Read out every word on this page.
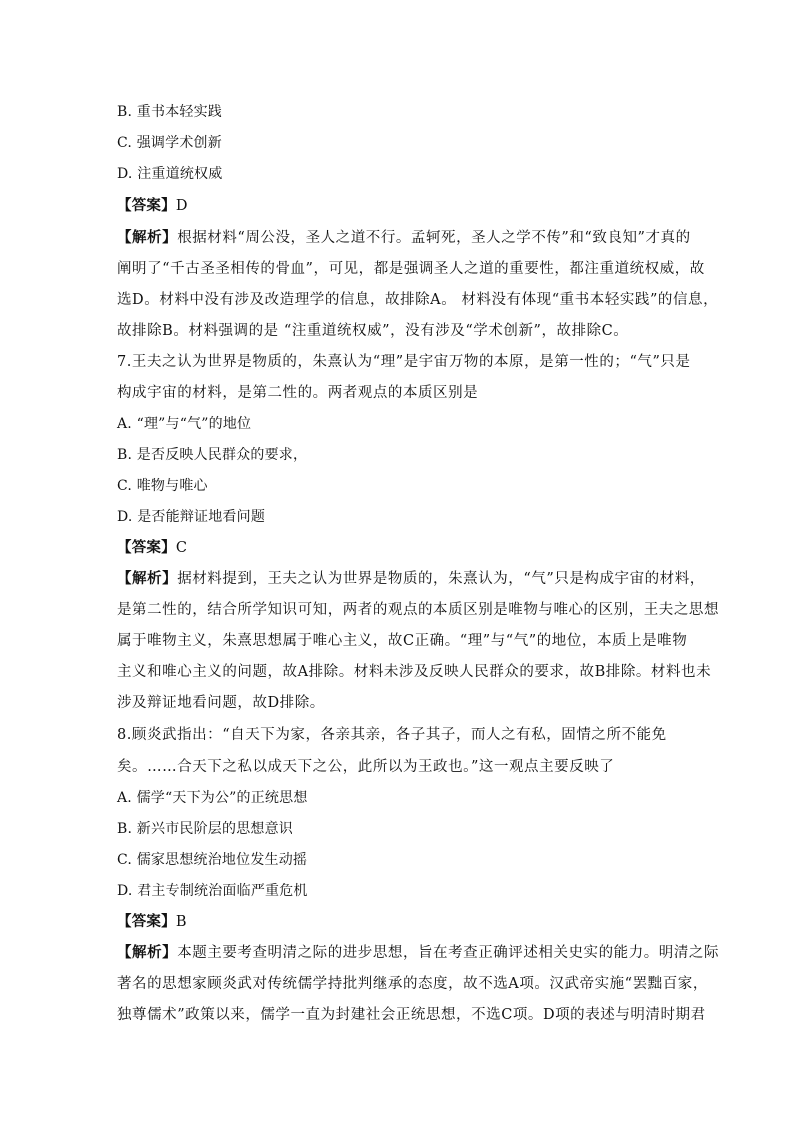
B. 重书本轻实践
C. 强调学术创新
D. 注重道统权威
【答案】D
【解析】根据材料“周公没，圣人之道不行。孟轲死，圣人之学不传”和“致良知”才真的
阐明了“千古圣圣相传的骨血”，可见，都是强调圣人之道的重要性，都注重道统权威，故
选D。材料中没有涉及改造理学的信息，故排除A。 材料没有体现“重书本轻实践”的信息，
故排除B。材料强调的是 “注重道统权威”，没有涉及“学术创新”，故排除C。
7.王夫之认为世界是物质的，朱熹认为“理”是宇宙万物的本原，是第一性的；“气”只是
构成宇宙的材料，是第二性的。两者观点的本质区别是
A. “理”与“气”的地位
B. 是否反映人民群众的要求，
C. 唯物与唯心
D. 是否能辩证地看问题
【答案】C
【解析】据材料提到，王夫之认为世界是物质的，朱熹认为，“气”只是构成宇宙的材料，
是第二性的，结合所学知识可知，两者的观点的本质区别是唯物与唯心的区别，王夫之思想
属于唯物主义，朱熹思想属于唯心主义，故C正确。“理”与“气”的地位，本质上是唯物
主义和唯心主义的问题，故A排除。材料未涉及反映人民群众的要求，故B排除。材料也未
涉及辩证地看问题，故D排除。
8.顾炎武指出：“自天下为家，各亲其亲，各子其子，而人之有私，固情之所不能免
矣。……合天下之私以成天下之公，此所以为王政也。”这一观点主要反映了
A. 儒学“天下为公”的正统思想
B. 新兴市民阶层的思想意识
C. 儒家思想统治地位发生动摇
D. 君主专制统治面临严重危机
【答案】B
【解析】本题主要考查明清之际的进步思想，旨在考查正确评述相关史实的能力。明清之际
著名的思想家顾炎武对传统儒学持批判继承的态度，故不选A项。汉武帝实施“罢黜百家，
独尊儒术”政策以来，儒学一直为封建社会正统思想，不选C项。D项的表述与明清时期君
